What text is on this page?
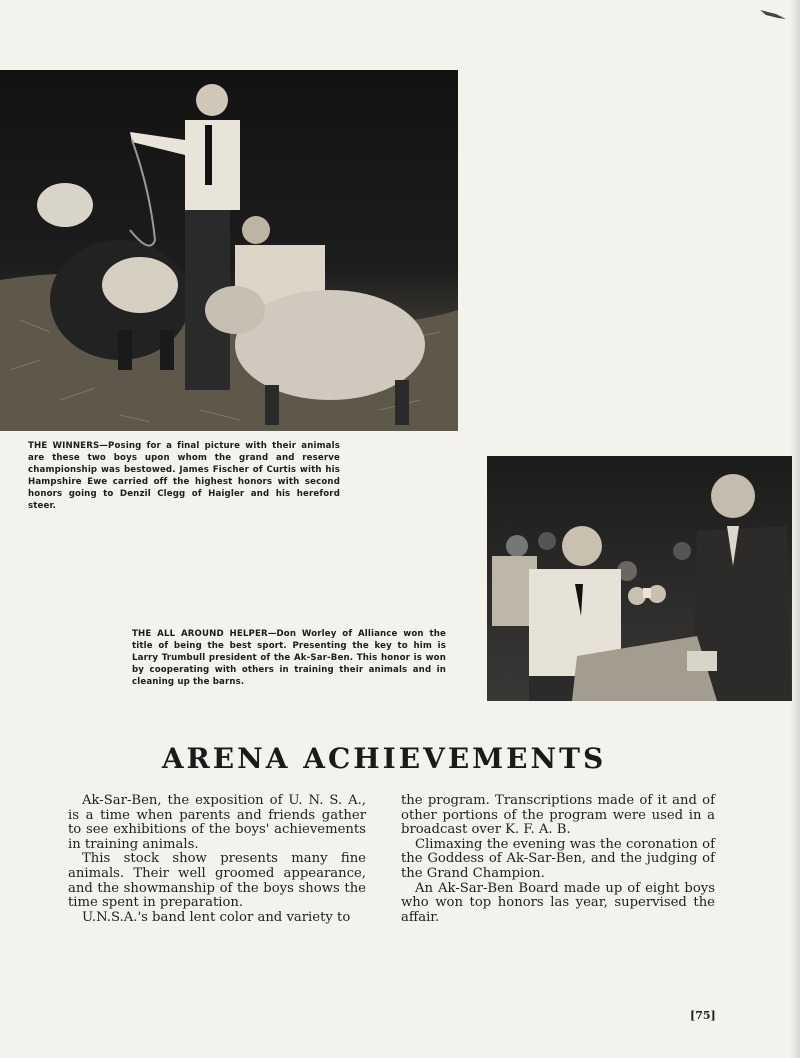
THE WINNERS—Posing for a final picture with their animals are these two boys upon whom the grand and reserve championship was bestowed. James Fischer of Curtis with his Hampshire Ewe carried off the highest honors with second honors going to Denzil Clegg of Haigler and his hereford steer.
THE ALL AROUND HELPER—Don Worley of Alliance won the title of being the best sport. Presenting the key to him is Larry Trumbull president of the Ak-Sar-Ben. This honor is won by cooperating with others in training their animals and in cleaning up the barns.
ARENA ACHIEVEMENTS

Ak-Sar-Ben, the exposition of U. N. S. A., is a time when parents and friends gather to see exhibitions of the boys' achievements in training animals.

This stock show presents many fine animals. Their well groomed appearance, and the showmanship of the boys shows the time spent in preparation.

U.N.S.A.'s band lent color and variety to

the program. Transcriptions made of it and of other portions of the program were used in a broadcast over K. F. A. B.

Climaxing the evening was the coronation of the Goddess of Ak-Sar-Ben, and the judging of the Grand Champion.

An Ak-Sar-Ben Board made up of eight boys who won top honors las year, supervised the affair.

[75]
